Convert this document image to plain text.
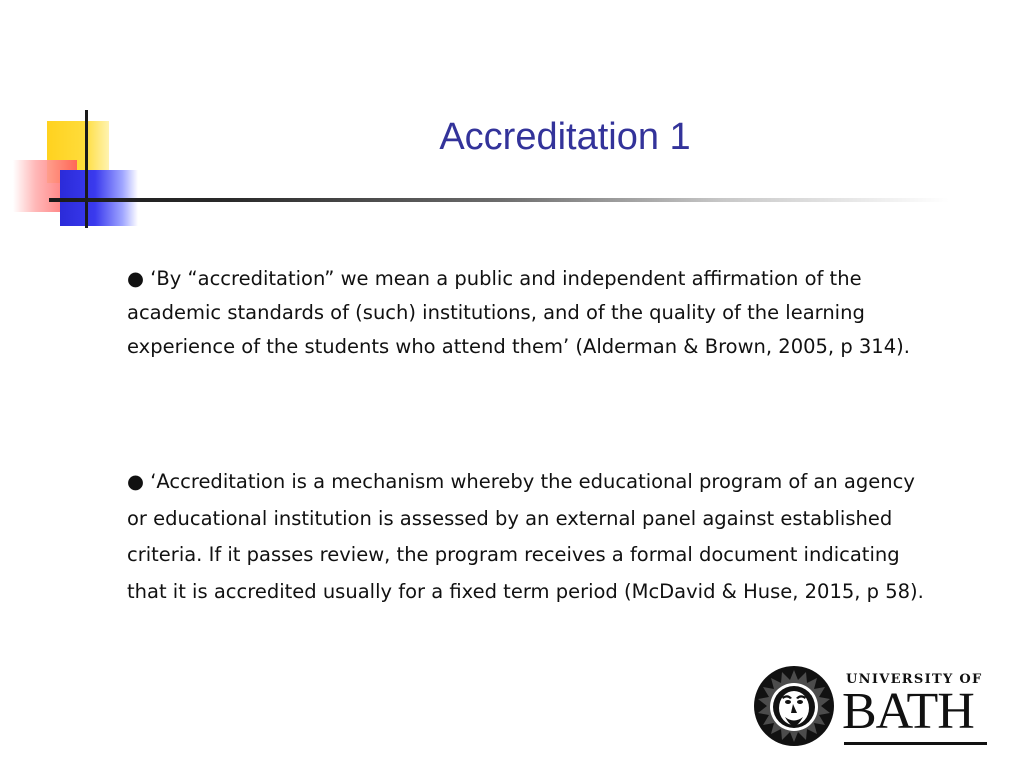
Accreditation 1

● ‘By “accreditation” we mean a public and independent affirmation of the
academic standards of (such) institutions, and of the quality of the learning
experience of the students who attend them’ (Alderman & Brown, 2005, p 314).

● ‘Accreditation is a mechanism whereby the educational program of an agency
or educational institution is assessed by an external panel against established
criteria. If it passes review, the program receives a formal document indicating
that it is accredited usually for a fixed term period (McDavid & Huse, 2015, p 58).

UNIVERSITY OF
BATH
